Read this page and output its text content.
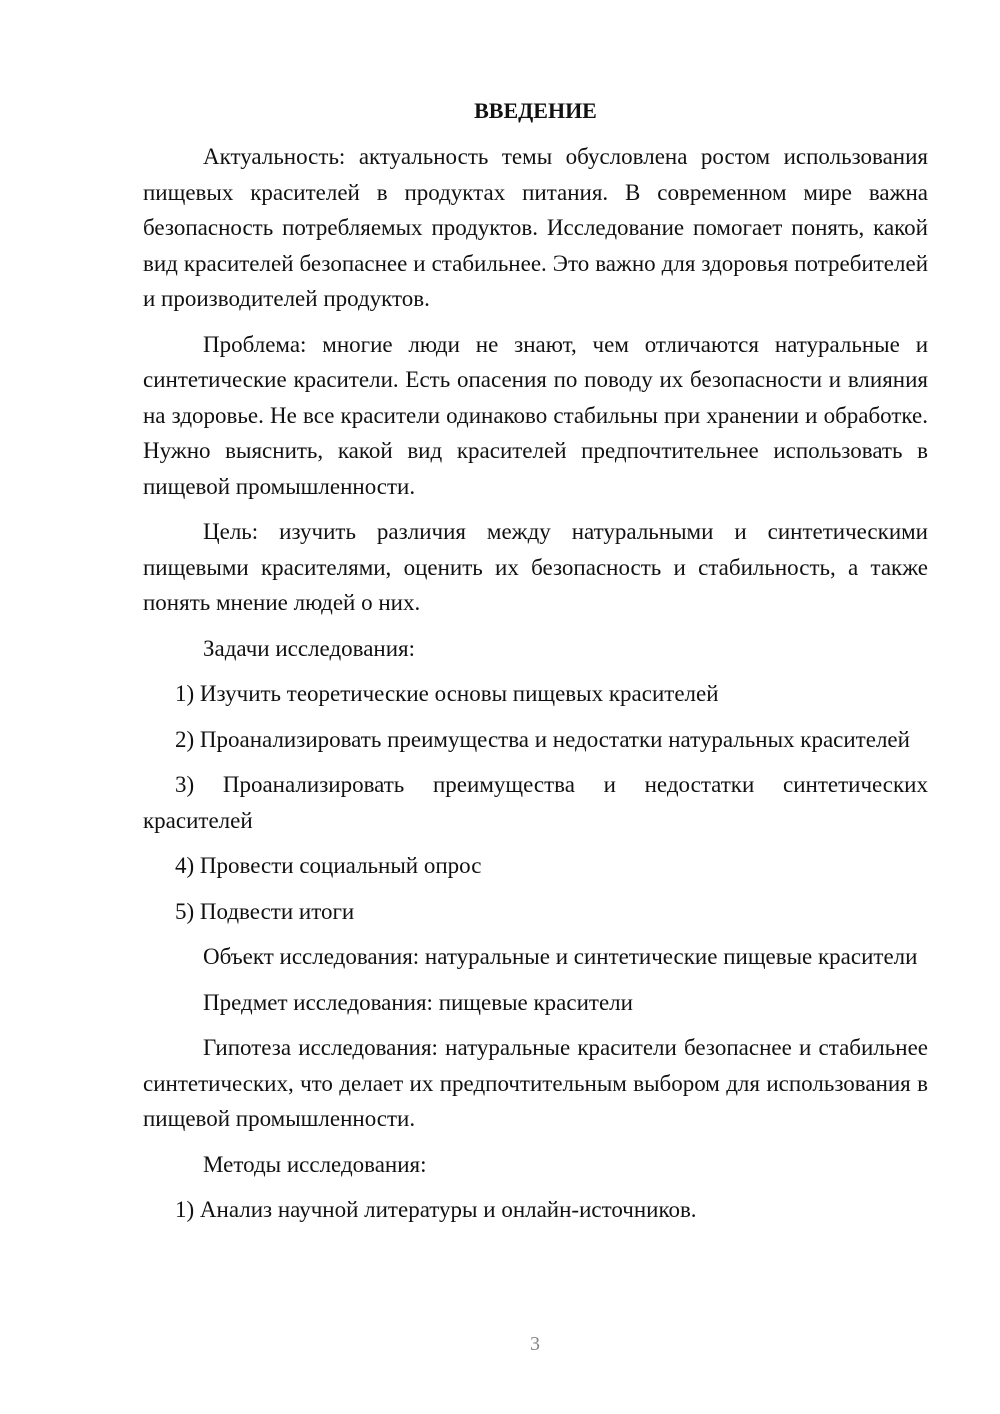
ВВЕДЕНИЕ

Актуальность: актуальность темы обусловлена ростом использования пищевых красителей в продуктах питания. В современном мире важна безопасность потребляемых продуктов. Исследование помогает понять, какой вид красителей безопаснее и стабильнее. Это важно для здоровья потребителей и производителей продуктов.

Проблема: многие люди не знают, чем отличаются натуральные и синтетические красители. Есть опасения по поводу их безопасности и влияния на здоровье. Не все красители одинаково стабильны при хранении и обработке. Нужно выяснить, какой вид красителей предпочтительнее использовать в пищевой промышленности.

Цель: изучить различия между натуральными и синтетическими пищевыми красителями, оценить их безопасность и стабильность, а также понять мнение людей о них.

Задачи исследования:

1) Изучить теоретические основы пищевых красителей

2) Проанализировать преимущества и недостатки натуральных красителей

3) Проанализировать преимущества и недостатки синтетических красителей

4) Провести социальный опрос

5) Подвести итоги

Объект исследования: натуральные и синтетические пищевые красители

Предмет исследования: пищевые красители

Гипотеза исследования: натуральные красители безопаснее и стабильнее синтетических, что делает их предпочтительным выбором для использования в пищевой промышленности.

Методы исследования:

1) Анализ научной литературы и онлайн-источников.

3
